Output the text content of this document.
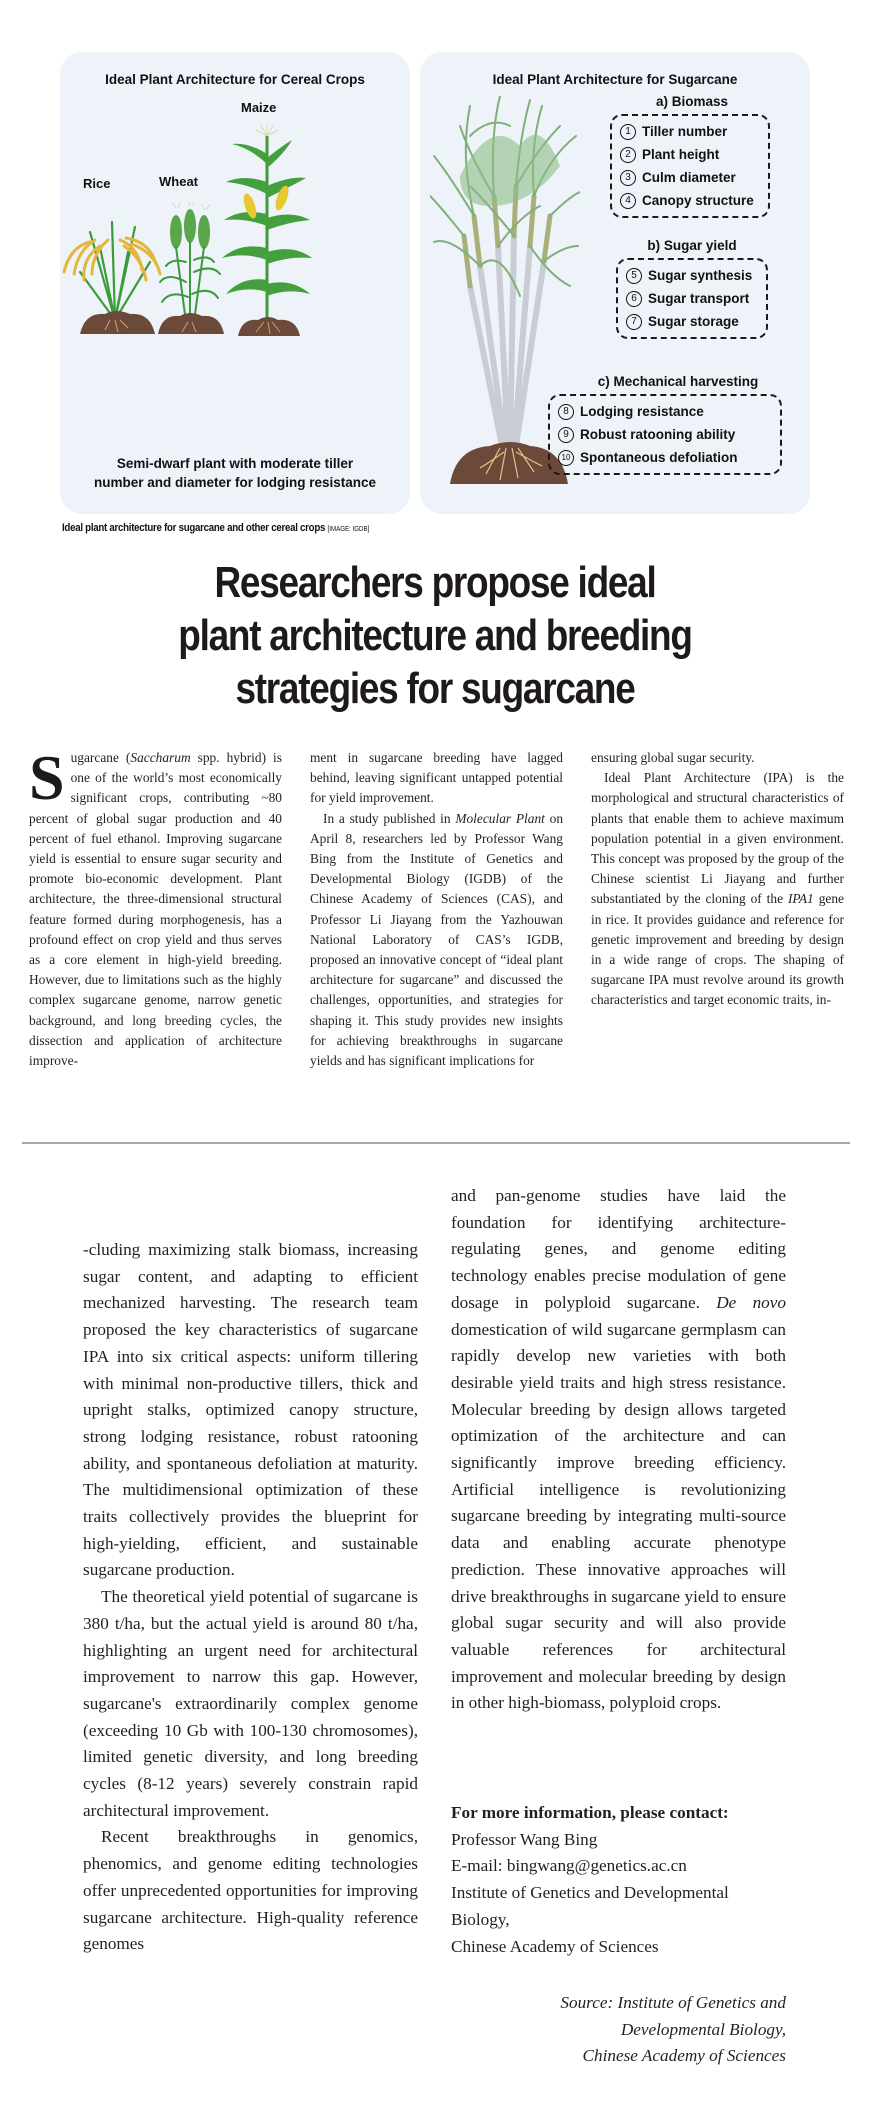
Ideal Plant Architecture for Cereal Crops
Rice	Wheat
Maize
Semi-dwarf plant with moderate tiller
number and diameter for lodging resistance
Ideal Plant Architecture for Sugarcane
a) Biomass
1 Tiller number
2 Plant height
3 Culm diameter
4 Canopy structure
b) Sugar yield
5 Sugar synthesis
6 Sugar transport
7 Sugar storage
c) Mechanical harvesting
8 Lodging resistance
9 Robust ratooning ability
10 Spontaneous defoliation
Ideal plant architecture for sugarcane and other cereal crops [IMAGE: IGDB]
Researchers propose ideal
plant architecture and breeding
strategies for sugarcane

Sugarcane (Saccharum spp. hybrid) is one of the world’s most economically significant crops, contributing ~80 percent of global sugar production and 40 percent of fuel ethanol. Improving sugarcane yield is essential to ensure sugar security and promote bio-economic development. Plant architecture, the three-dimensional structural feature formed during morphogenesis, has a profound effect on crop yield and thus serves as a core element in high-yield breeding. However, due to limitations such as the highly complex sugarcane genome, narrow genetic background, and long breeding cycles, the dissection and application of architecture improve-

ment in sugarcane breeding have lagged behind, leaving significant untapped potential for yield improvement.

In a study published in Molecular Plant on April 8, researchers led by Professor Wang Bing from the Institute of Genetics and Developmental Biology (IGDB) of the Chinese Academy of Sciences (CAS), and Professor Li Jiayang from the Yazhouwan National Laboratory of CAS’s IGDB, proposed an innovative concept of “ideal plant architecture for sugarcane” and discussed the challenges, opportunities, and strategies for shaping it. This study provides new insights for achieving breakthroughs in sugarcane yields and has significant implications for

ensuring global sugar security.

Ideal Plant Architecture (IPA) is the morphological and structural characteristics of plants that enable them to achieve maximum population potential in a given environment. This concept was proposed by the group of the Chinese scientist Li Jiayang and further substantiated by the cloning of the IPA1 gene in rice. It provides guidance and reference for genetic improvement and breeding by design in a wide range of crops. The shaping of sugarcane IPA must revolve around its growth characteristics and target economic traits, in-

-cluding maximizing stalk biomass, increasing sugar content, and adapting to efficient mechanized harvesting. The research team proposed the key characteristics of sugarcane IPA into six critical aspects: uniform tillering with minimal non-productive tillers, thick and upright stalks, optimized canopy structure, strong lodging resistance, robust ratooning ability, and spontaneous defoliation at maturity. The multidimensional optimization of these traits collectively provides the blueprint for high-yielding, efficient, and sustainable sugarcane production.

The theoretical yield potential of sugarcane is 380 t/ha, but the actual yield is around 80 t/ha, highlighting an urgent need for architectural improvement to narrow this gap. However, sugarcane's extraordinarily complex genome (exceeding 10 Gb with 100-130 chromosomes), limited genetic diversity, and long breeding cycles (8-12 years) severely constrain rapid architectural improvement.

Recent breakthroughs in genomics, phenomics, and genome editing technologies offer unprecedented opportunities for improving sugarcane architecture. High-quality reference genomes

and pan-genome studies have laid the foundation for identifying architecture-regulating genes, and genome editing technology enables precise modulation of gene dosage in polyploid sugarcane. De novo domestication of wild sugarcane germplasm can rapidly develop new varieties with both desirable yield traits and high stress resistance. Molecular breeding by design allows targeted optimization of the architecture and can significantly improve breeding efficiency. Artificial intelligence is revolutionizing sugarcane breeding by integrating multi-source data and enabling accurate phenotype prediction. These innovative approaches will drive breakthroughs in sugarcane yield to ensure global sugar security and will also provide valuable references for architectural improvement and molecular breeding by design in other high-biomass, polyploid crops.

For more information, please contact:
Professor Wang Bing
E-mail: bingwang@genetics.ac.cn
Institute of Genetics and Developmental Biology,
Chinese Academy of Sciences
Source: Institute of Genetics and
Developmental Biology,
Chinese Academy of Sciences
